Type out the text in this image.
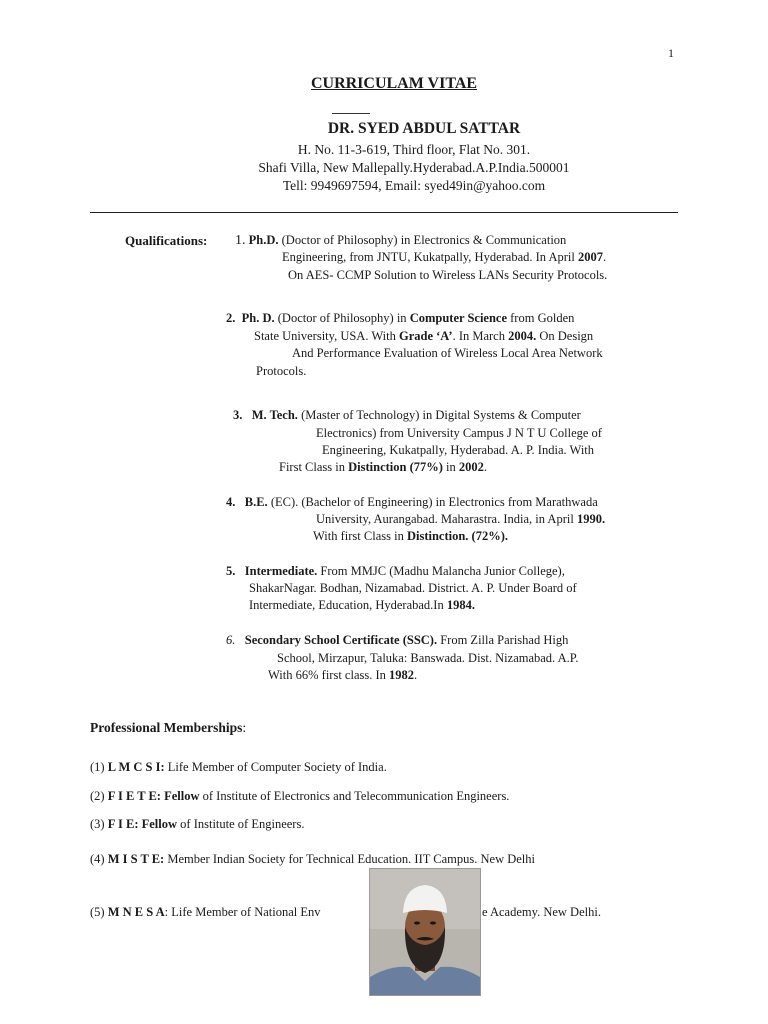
1
CURRICULAM VITAE
DR. SYED ABDUL SATTAR
H. No. 11-3-619, Third floor, Flat No. 301.
Shafi Villa, New Mallepally.Hyderabad.A.P.India.500001
Tell: 9949697594, Email: syed49in@yahoo.com
Qualifications: 1. Ph.D. (Doctor of Philosophy) in Electronics & Communication
Engineering, from JNTU, Kukatpally, Hyderabad. In April 2007.
On AES- CCMP Solution to Wireless LANs Security Protocols.
2. Ph. D. (Doctor of Philosophy) in Computer Science from Golden
State University, USA. With Grade ‘A’. In March 2004. On Design
And Performance Evaluation of Wireless Local Area Network
Protocols.
3. M. Tech. (Master of Technology) in Digital Systems & Computer
Electronics) from University Campus J N T U College of
Engineering, Kukatpally, Hyderabad. A. P. India. With
First Class in Distinction (77%) in 2002.
4. B.E. (EC). (Bachelor of Engineering) in Electronics from Marathwada
University, Aurangabad. Maharastra. India, in April 1990.
With first Class in Distinction. (72%).
5. Intermediate. From MMJC (Madhu Malancha Junior College),
ShakarNagar. Bodhan, Nizamabad. District. A. P. Under Board of
Intermediate, Education, Hyderabad.In 1984.
6. Secondary School Certificate (SSC). From Zilla Parishad High
School, Mirzapur, Taluka: Banswada. Dist. Nizamabad. A.P.
With 66% first class. In 1982.
Professional Memberships:
(1) L M C S I: Life Member of Computer Society of India.
(2) F I E T E: Fellow of Institute of Electronics and Telecommunication Engineers.
(3) F I E: Fellow of Institute of Engineers.
(4) M I S T E: Member Indian Society for Technical Education. IIT Campus. New Delhi
(5) M N E S A: Life Member of National Env	e Academy. New Delhi.
